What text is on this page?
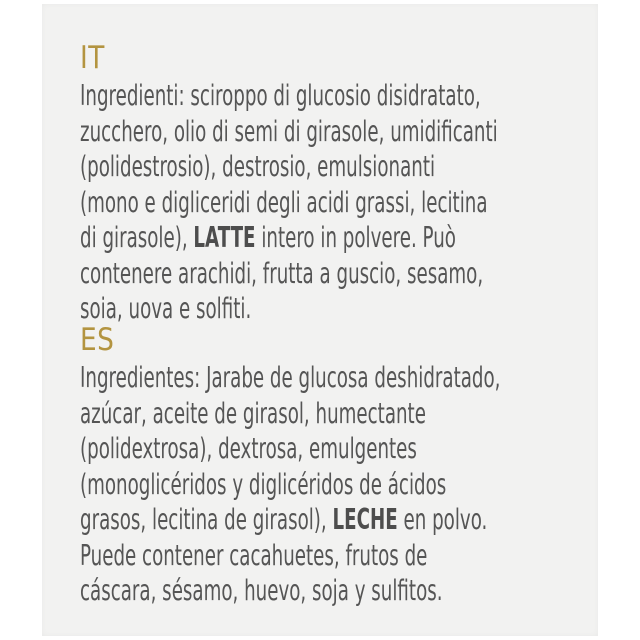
IT
Ingredienti: sciroppo di glucosio disidratato,
zucchero, olio di semi di girasole, umidificanti
(polidestrosio), destrosio, emulsionanti
(mono e digliceridi degli acidi grassi, lecitina
di girasole), LATTE intero in polvere. Può
contenere arachidi, frutta a guscio, sesamo,
soia, uova e solfiti.
ES
Ingredientes: Jarabe de glucosa deshidratado,
azúcar, aceite de girasol, humectante
(polidextrosa), dextrosa, emulgentes
(monoglicéridos y diglicéridos de ácidos
grasos, lecitina de girasol), LECHE en polvo.
Puede contener cacahuetes, frutos de
cáscara, sésamo, huevo, soja y sulfitos.
